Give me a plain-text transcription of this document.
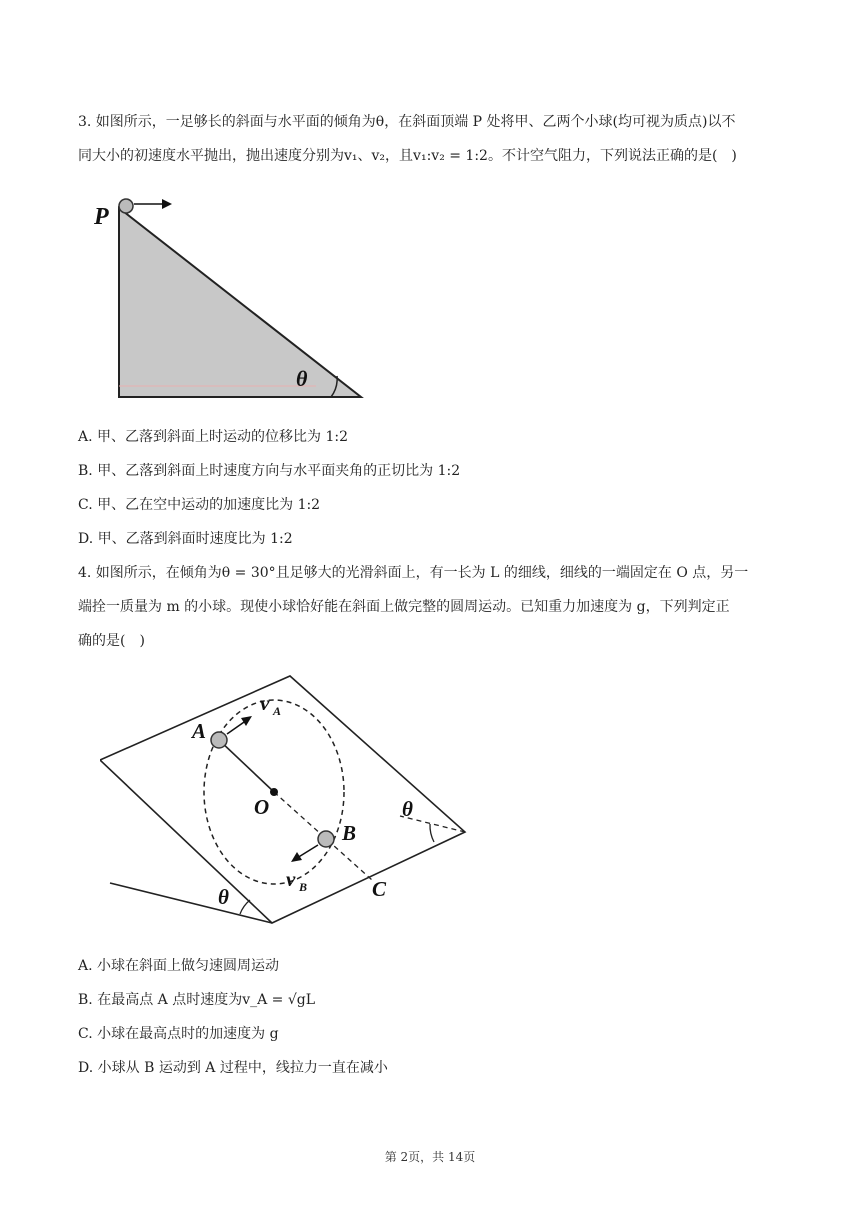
3. 如图所示，一足够长的斜面与水平面的倾角为θ，在斜面顶端 P 处将甲、乙两个小球(均可视为质点)以不
同大小的初速度水平抛出，抛出速度分别为v₁、v₂，且v₁:v₂ = 1:2。不计空气阻力，下列说法正确的是(　)
P
θ
A. 甲、乙落到斜面上时运动的位移比为 1:2
B. 甲、乙落到斜面上时速度方向与水平面夹角的正切比为 1:2
C. 甲、乙在空中运动的加速度比为 1:2
D. 甲、乙落到斜面时速度比为 1:2
4. 如图所示，在倾角为θ = 30°且足够大的光滑斜面上，有一长为 L 的细线，细线的一端固定在 O 点，另一
端拴一质量为 m 的小球。现使小球恰好能在斜面上做完整的圆周运动。已知重力加速度为 g，下列判定正
确的是(　)
A
v A
O
B
v B	C
θ
θ
A. 小球在斜面上做匀速圆周运动
B. 在最高点 A 点时速度为v_A = √gL
C. 小球在最高点时的加速度为 g
D. 小球从 B 运动到 A 过程中，线拉力一直在减小
第 2页，共 14页
